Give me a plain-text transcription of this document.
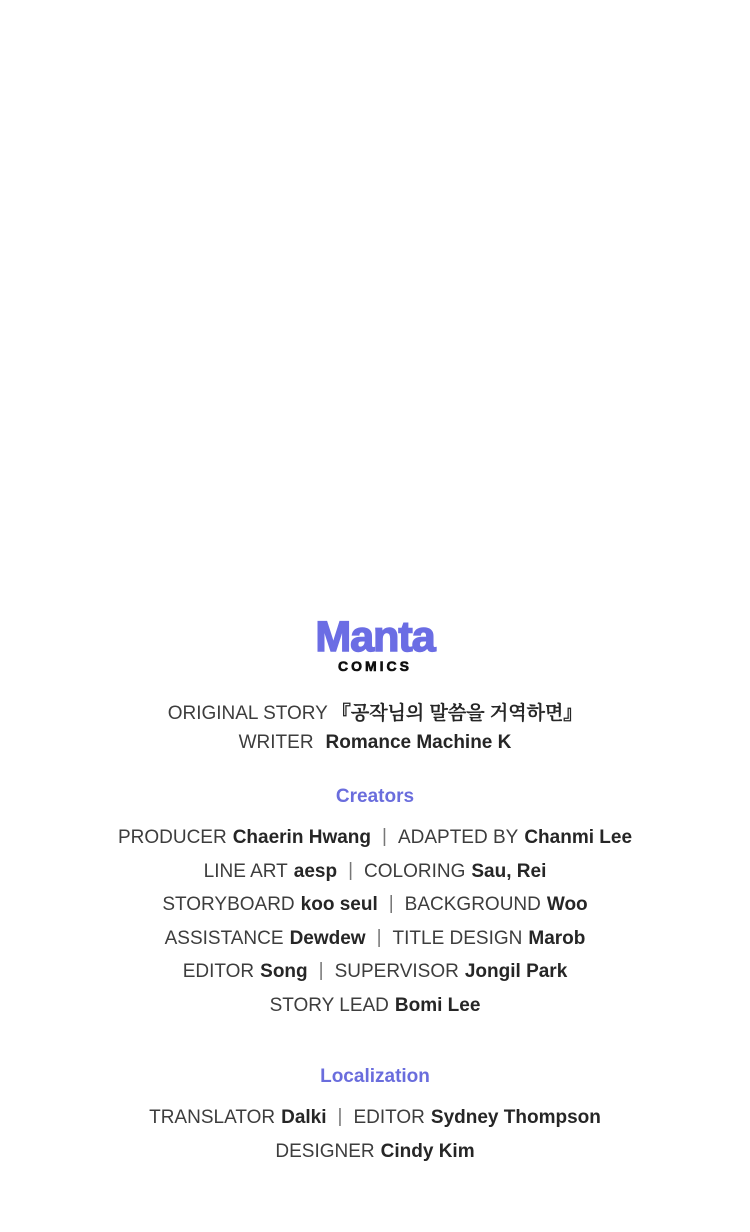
Manta
COMICS
ORIGINAL STORY 『공작님의 말씀을 거역하면』
WRITER Romance Machine K
Creators
PRODUCER Chaerin Hwang | ADAPTED BY Chanmi Lee
LINE ART aesp | COLORING Sau, Rei
STORYBOARD koo seul | BACKGROUND Woo
ASSISTANCE Dewdew | TITLE DESIGN Marob
EDITOR Song | SUPERVISOR Jongil Park
STORY LEAD Bomi Lee
Localization
TRANSLATOR Dalki | EDITOR Sydney Thompson
DESIGNER Cindy Kim
